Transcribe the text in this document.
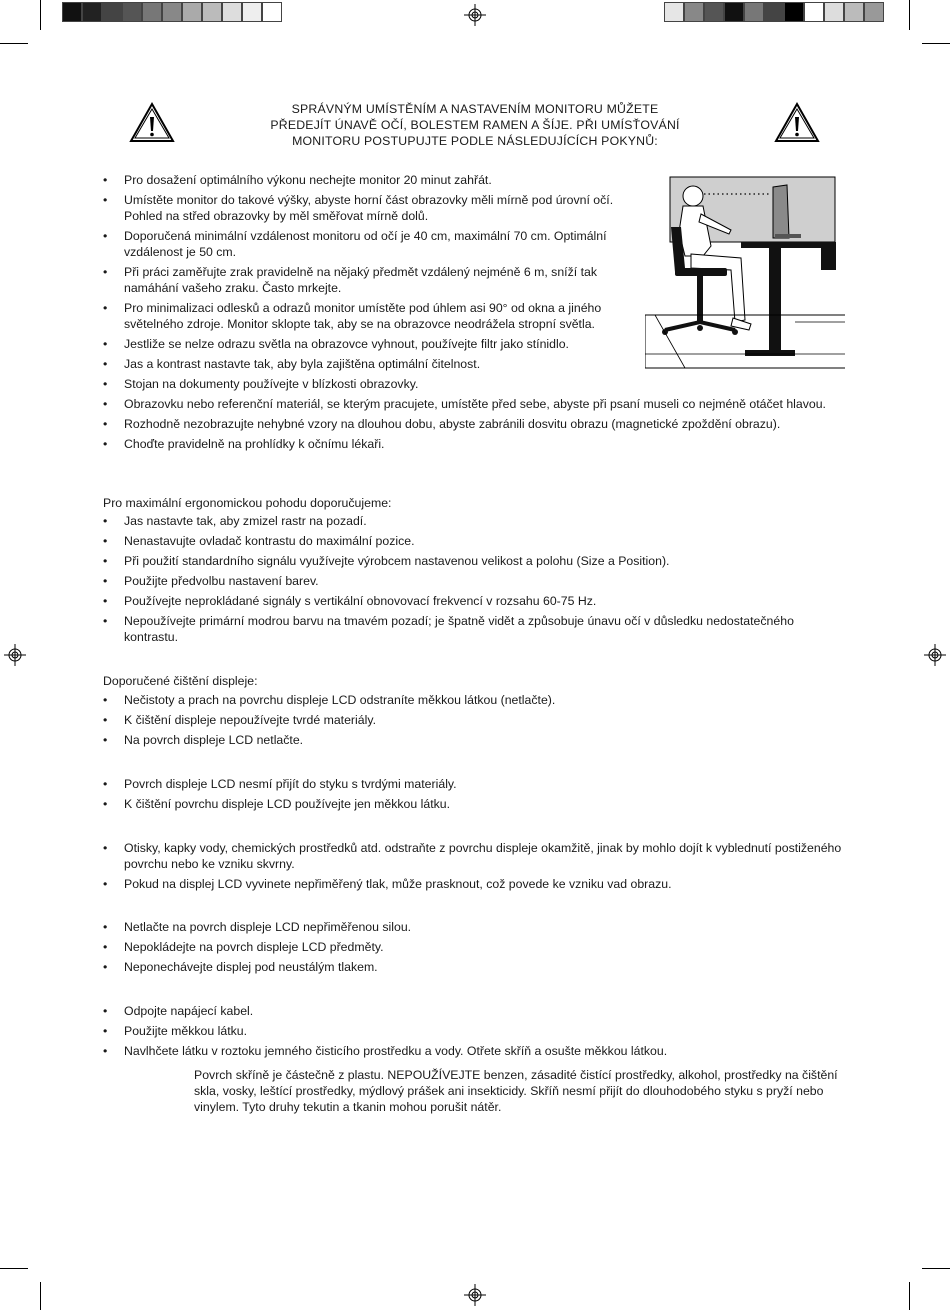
SPRÁVNÝM UMÍSTĚNÍM A NASTAVENÍM MONITORU MŮŽETE
PŘEDEJÍT ÚNAVĚ OČÍ, BOLESTEM RAMEN A ŠÍJE. PŘI UMÍSŤOVÁNÍ
MONITORU POSTUPUJTE PODLE NÁSLEDUJÍCÍCH POKYNŮ:
• Pro dosažení optimálního výkonu nechejte monitor 20 minut zahřát.
• Umístěte monitor do takové výšky, abyste horní část obrazovky měli mírně pod úrovní očí. Pohled na střed obrazovky by měl směřovat mírně dolů.
• Doporučená minimální vzdálenost monitoru od očí je 40 cm, maximální 70 cm. Optimální vzdálenost je 50 cm.
• Při práci zaměřujte zrak pravidelně na nějaký předmět vzdálený nejméně 6 m, sníží tak namáhání vašeho zraku. Často mrkejte.
• Pro minimalizaci odlesků a odrazů monitor umístěte pod úhlem asi 90° od okna a jiného světelného zdroje. Monitor sklopte tak, aby se na obrazovce neodrážela stropní světla.
• Jestliže se nelze odrazu světla na obrazovce vyhnout, používejte filtr jako stínidlo.
• Jas a kontrast nastavte tak, aby byla zajištěna optimální čitelnost.
• Stojan na dokumenty používejte v blízkosti obrazovky.
• Obrazovku nebo referenční materiál, se kterým pracujete, umístěte před sebe, abyste při psaní museli co nejméně otáčet hlavou.
• Rozhodně nezobrazujte nehybné vzory na dlouhou dobu, abyste zabránili dosvitu obrazu (magnetické zpoždění obrazu).
• Choďte pravidelně na prohlídky k očnímu lékaři.
Pro maximální ergonomickou pohodu doporučujeme:
• Jas nastavte tak, aby zmizel rastr na pozadí.
• Nenastavujte ovladač kontrastu do maximální pozice.
• Při použití standardního signálu využívejte výrobcem nastavenou velikost a polohu (Size a Position).
• Použijte předvolbu nastavení barev.
• Používejte neprokládané signály s vertikální obnovovací frekvencí v rozsahu 60-75 Hz.
• Nepoužívejte primární modrou barvu na tmavém pozadí; je špatně vidět a způsobuje únavu očí v důsledku nedostatečného kontrastu.
Doporučené čištění displeje:
• Nečistoty a prach na povrchu displeje LCD odstraníte měkkou látkou (netlačte).
• K čištění displeje nepoužívejte tvrdé materiály.
• Na povrch displeje LCD netlačte.
• Povrch displeje LCD nesmí přijít do styku s tvrdými materiály.
• K čištění povrchu displeje LCD používejte jen měkkou látku.
• Otisky, kapky vody, chemických prostředků atd. odstraňte z povrchu displeje okamžitě, jinak by mohlo dojít k vyblednutí postiženého povrchu nebo ke vzniku skvrny.
• Pokud na displej LCD vyvinete nepřiměřený tlak, může prasknout, což povede ke vzniku vad obrazu.
• Netlačte na povrch displeje LCD nepřiměřenou silou.
• Nepokládejte na povrch displeje LCD předměty.
• Neponechávejte displej pod neustálým tlakem.
• Odpojte napájecí kabel.
• Použijte měkkou látku.
• Navlhčete látku v roztoku jemného čisticího prostředku a vody. Otřete skříň a osušte měkkou látkou.
Povrch skříně je částečně z plastu. NEPOUŽÍVEJTE benzen, zásadité čistící prostředky, alkohol, prostředky na čištění skla, vosky, leštící prostředky, mýdlový prášek ani insekticidy. Skříň nesmí přijít do dlouhodobého styku s pryží nebo vinylem. Tyto druhy tekutin a tkanin mohou porušit nátěr.
